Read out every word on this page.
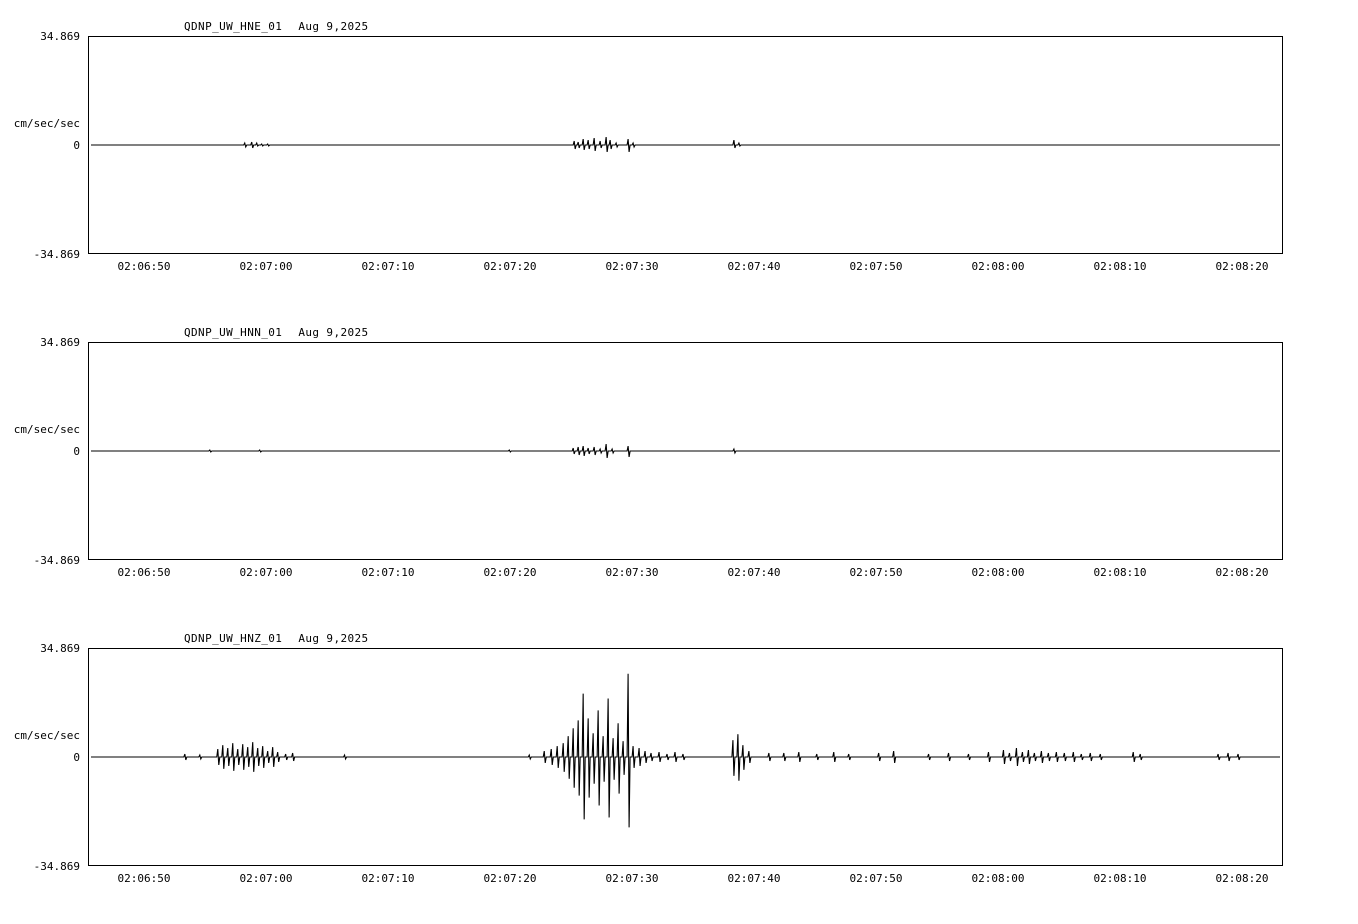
34.869
cm/sec/sec
0
-34.869
QDNP_UW_HNE_01 Aug 9,2025
02:06:50	02:07:00	02:07:10	02:07:20	02:07:30	02:07:40	02:07:50	02:08:00	02:08:10	02:08:20
34.869
cm/sec/sec
0
-34.869
QDNP_UW_HNN_01 Aug 9,2025
02:06:50	02:07:00	02:07:10	02:07:20	02:07:30	02:07:40	02:07:50	02:08:00	02:08:10	02:08:20
34.869
cm/sec/sec
0
-34.869
QDNP_UW_HNZ_01 Aug 9,2025
02:06:50	02:07:00	02:07:10	02:07:20	02:07:30	02:07:40	02:07:50	02:08:00	02:08:10	02:08:20
